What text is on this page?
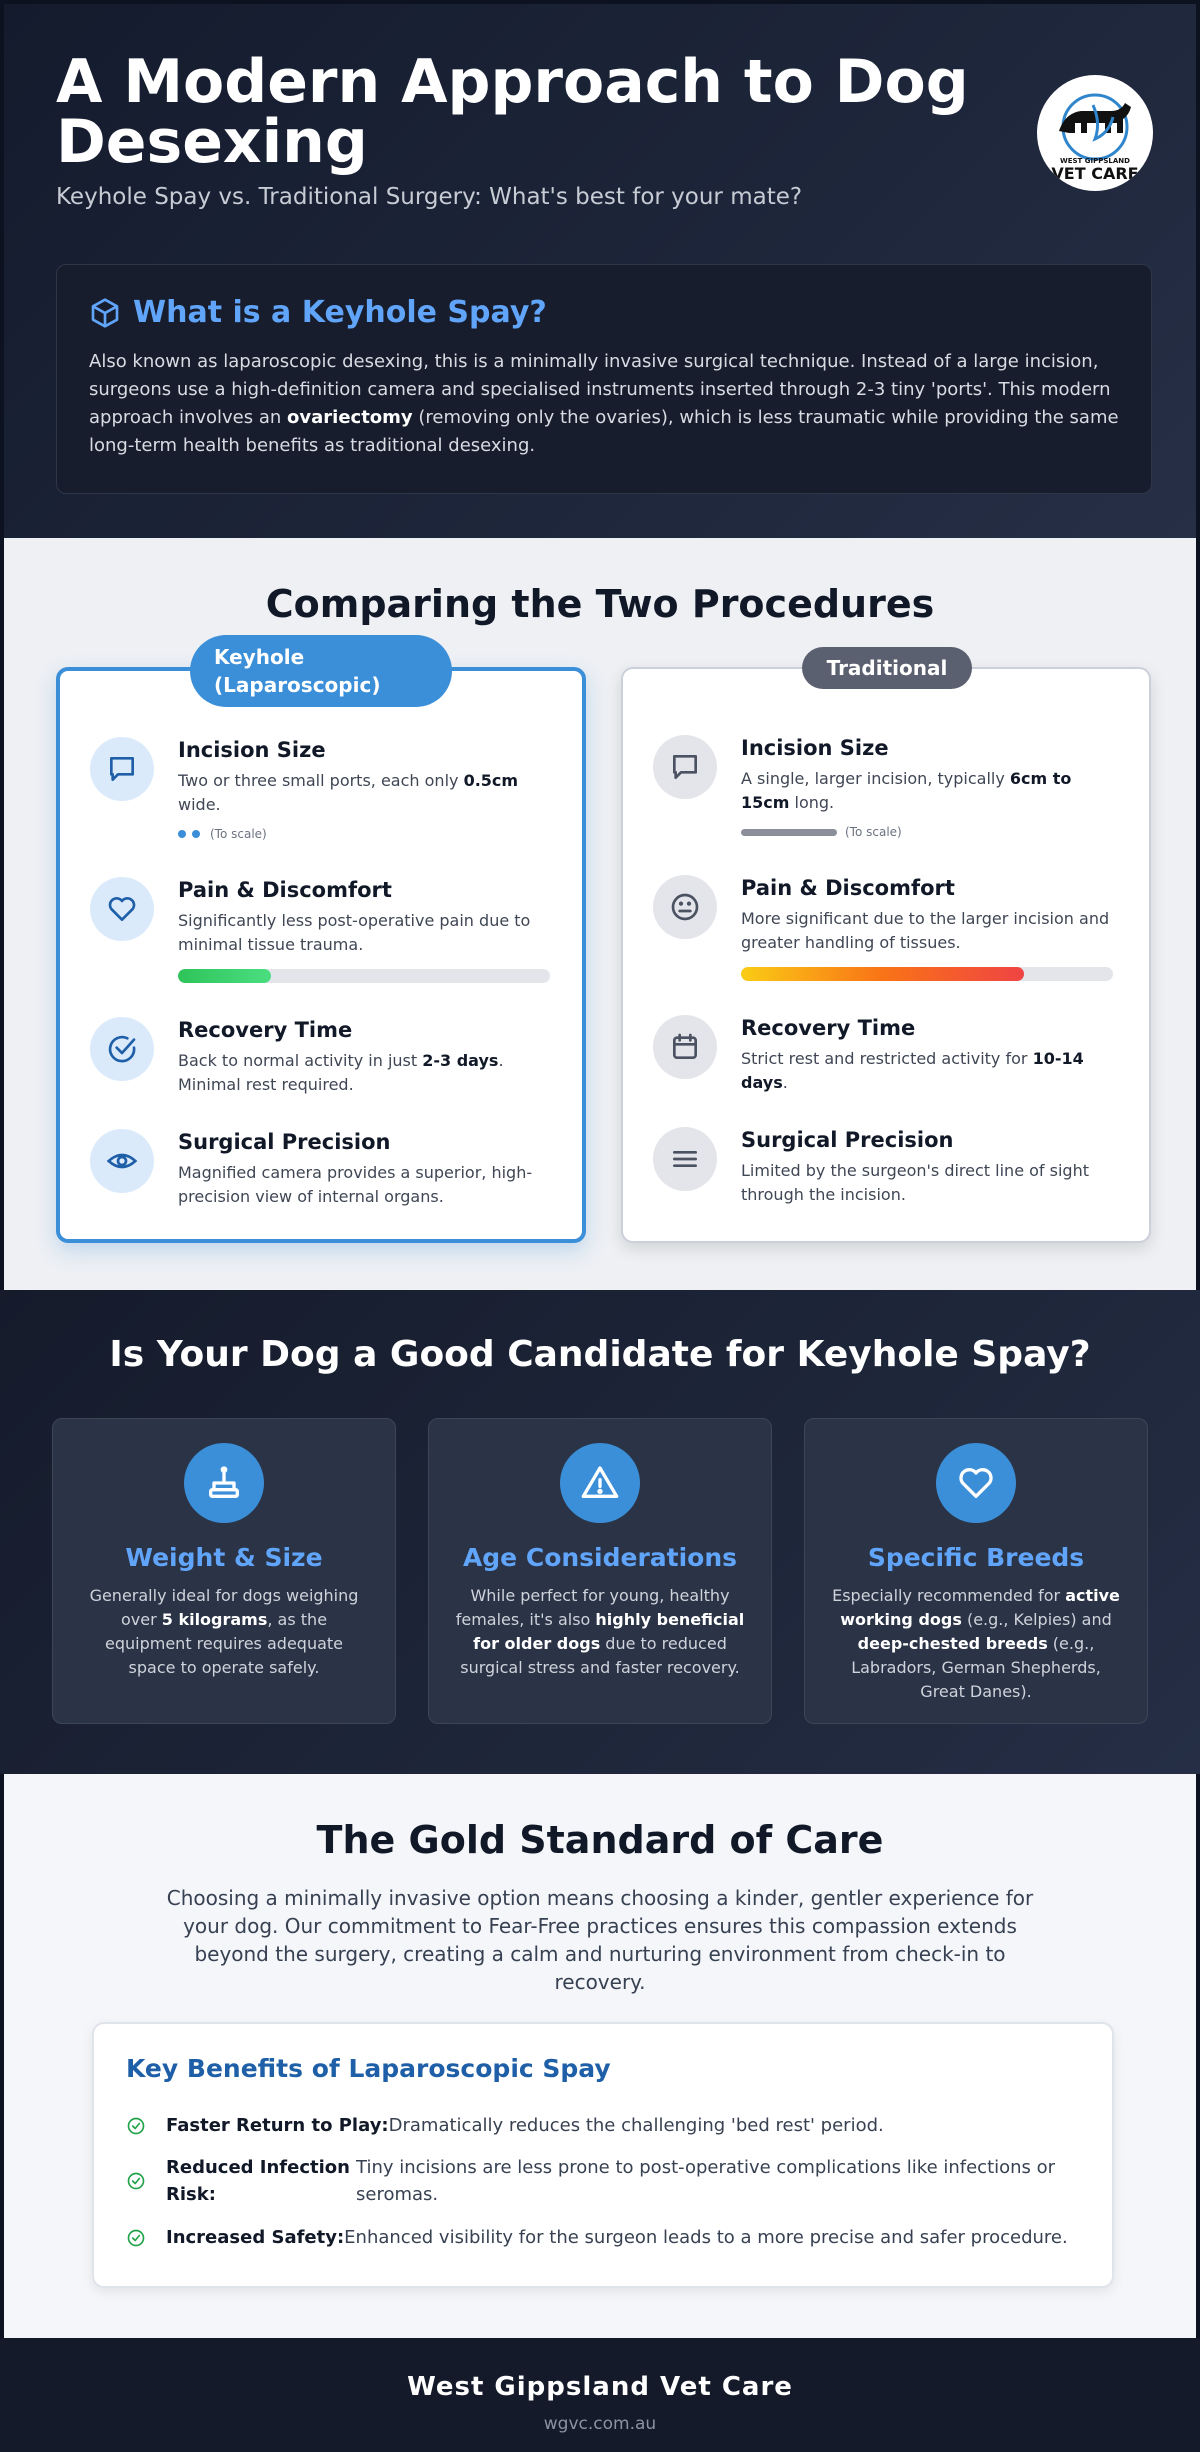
A Modern Approach to Dog Desexing
Keyhole Spay vs. Traditional Surgery: What's best for your mate?
WEST GIPPSLAND
VET CARE
What is a Keyhole Spay?

Also known as laparoscopic desexing, this is a minimally invasive surgical technique. Instead of a large incision, surgeons use a high-definition camera and specialised instruments inserted through 2-3 tiny 'ports'. This modern approach involves an ovariectomy (removing only the ovaries), which is less traumatic while providing the same long-term health benefits as traditional desexing.

Comparing the Two Procedures
Keyhole (Laparoscopic)
Incision Size

Two or three small ports, each only 0.5cm wide.

(To scale)
Pain & Discomfort

Significantly less post-operative pain due to minimal tissue trauma.

Recovery Time

Back to normal activity in just 2-3 days. Minimal rest required.

Surgical Precision

Magnified camera provides a superior, high-precision view of internal organs.

Traditional
Incision Size

A single, larger incision, typically 6cm to 15cm long.

(To scale)
Pain & Discomfort

More significant due to the larger incision and greater handling of tissues.

Recovery Time

Strict rest and restricted activity for 10-14 days.

Surgical Precision

Limited by the surgeon's direct line of sight through the incision.

Is Your Dog a Good Candidate for Keyhole Spay?
Weight & Size

Generally ideal for dogs weighing over 5 kilograms, as the equipment requires adequate space to operate safely.

Age Considerations

While perfect for young, healthy females, it's also highly beneficial for older dogs due to reduced surgical stress and faster recovery.

Specific Breeds

Especially recommended for active working dogs (e.g., Kelpies) and deep-chested breeds (e.g., Labradors, German Shepherds, Great Danes).

The Gold Standard of Care

Choosing a minimally invasive option means choosing a kinder, gentler experience for your dog. Our commitment to Fear-Free practices ensures this compassion extends beyond the surgery, creating a calm and nurturing environment from check-in to recovery.

Key Benefits of Laparoscopic Spay
Faster Return to Play: Dramatically reduces the challenging 'bed rest' period.
Reduced Infection Risk:
Tiny incisions are less prone to post-operative complications like infections or seromas.
Increased Safety: Enhanced visibility for the surgeon leads to a more precise and safer procedure.
West Gippsland Vet Care
wgvc.com.au
